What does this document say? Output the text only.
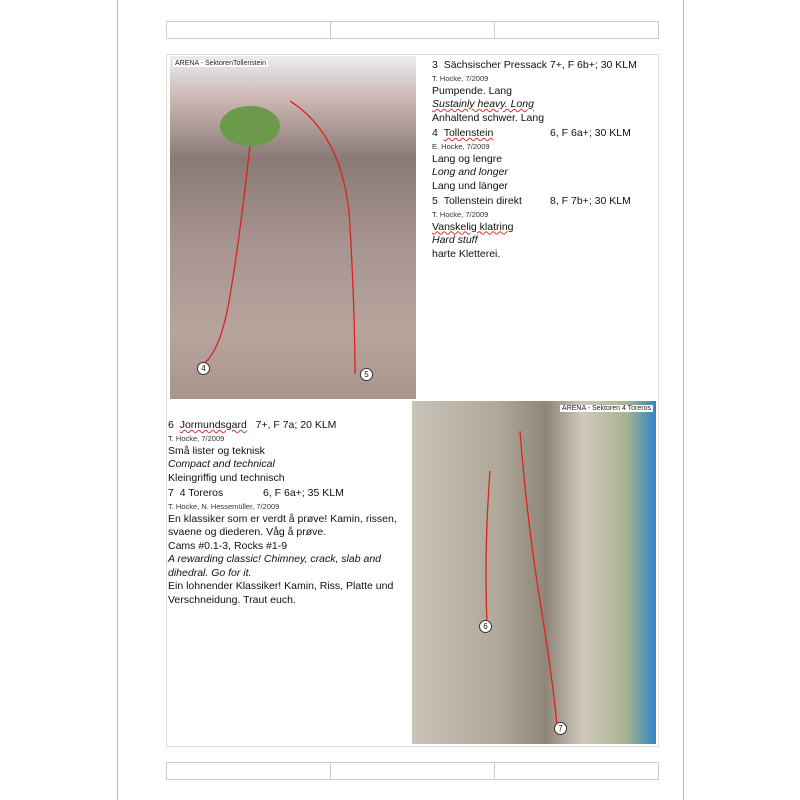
ARENA - SektorenTollenstein
4
5
3 Sächsischer Pressack 7+, F 6b+; 30 KLM
T. Hocke, 7/2009
Pumpende. Lang
Sustainly heavy. Long
Anhaltend schwer. Lang
4 Tollenstein	6, F 6a+; 30 KLM
E. Hocke, 7/2009
Lang og lengre
Long and longer
Lang und länger
5 Tollenstein direkt	8, F 7b+; 30 KLM
T. Hocke, 7/2009
Vanskelig klatring
Hard stuff
harte Kletterei.
6 Jormundsgard 7+, F 7a; 20 KLM
T. Hocke, 7/2009
Små lister og teknisk
Compact and technical
Kleingriffig und technisch
7 4 Toreros	6, F 6a+; 35 KLM
T. Hocke, N. Hessemüller, 7/2009
En klassiker som er verdt å prøve! Kamin, rissen, svaene og diederen. Våg å prøve.
Cams #0.1-3, Rocks #1-9
A rewarding classic! Chimney, crack, slab and dihedral. Go for it.
Ein lohnender Klassiker! Kamin, Riss, Platte und Verschneidung. Traut euch.
ARENA - Sektoren 4 Toreros
6
7
